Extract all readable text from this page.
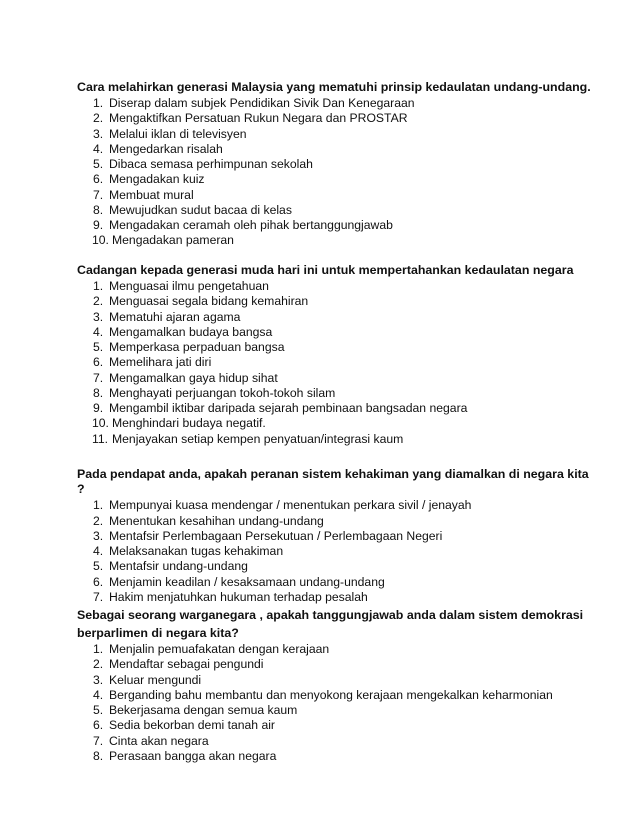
Cara melahirkan generasi Malaysia yang mematuhi prinsip kedaulatan undang-undang.

1. Diserap dalam subjek Pendidikan Sivik Dan Kenegaraan
2. Mengaktifkan Persatuan Rukun Negara dan PROSTAR
3. Melalui iklan di televisyen
4. Mengedarkan risalah
5. Dibaca semasa perhimpunan sekolah
6. Mengadakan kuiz
7. Membuat mural
8. Mewujudkan sudut bacaa di kelas
9. Mengadakan ceramah oleh pihak bertanggungjawab
10. Mengadakan pameran

Cadangan kepada generasi muda hari ini untuk mempertahankan kedaulatan negara

1. Menguasai ilmu pengetahuan
2. Menguasai segala bidang kemahiran
3. Mematuhi ajaran agama
4. Mengamalkan budaya bangsa
5. Memperkasa perpaduan bangsa
6. Memelihara jati diri
7. Mengamalkan gaya hidup sihat
8. Menghayati perjuangan tokoh-tokoh silam
9. Mengambil iktibar daripada sejarah pembinaan bangsadan negara
10. Menghindari budaya negatif.
11. Menjayakan setiap kempen penyatuan/integrasi kaum

Pada pendapat anda, apakah peranan sistem kehakiman yang diamalkan di negara kita ?

1. Mempunyai kuasa mendengar / menentukan perkara sivil / jenayah
2. Menentukan kesahihan undang-undang
3. Mentafsir Perlembagaan Persekutuan / Perlembagaan Negeri
4. Melaksanakan tugas kehakiman
5. Mentafsir undang-undang
6. Menjamin keadilan / kesaksamaan undang-undang
7. Hakim menjatuhkan hukuman terhadap pesalah

Sebagai seorang warganegara , apakah tanggungjawab anda dalam sistem demokrasi berparlimen di negara kita?

1. Menjalin pemuafakatan dengan kerajaan
2. Mendaftar sebagai pengundi
3. Keluar mengundi
4. Berganding bahu membantu dan menyokong kerajaan mengekalkan keharmonian
5. Bekerjasama dengan semua kaum
6. Sedia bekorban demi tanah air
7. Cinta akan negara
8. Perasaan bangga akan negara
